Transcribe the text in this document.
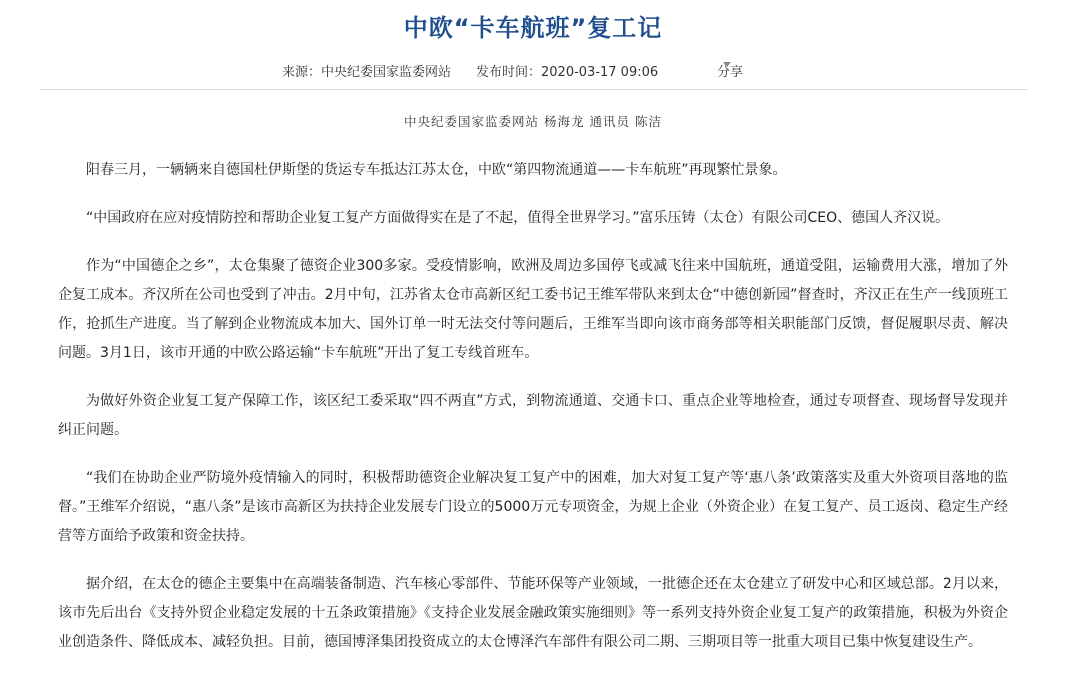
中欧“卡车航班”复工记
来源：中央纪委国家监委网站 发布时间：2020-03-17 09:06	分享
中央纪委国家监委网站 杨海龙 通讯员 陈洁

阳春三月，一辆辆来自德国杜伊斯堡的货运专车抵达江苏太仓，中欧“第四物流通道——卡车航班”再现繁忙景象。

“中国政府在应对疫情防控和帮助企业复工复产方面做得实在是了不起，值得全世界学习。”富乐压铸（太仓）有限公司CEO、德国人齐汉说。

作为“中国德企之乡”，太仓集聚了德资企业300多家。受疫情影响，欧洲及周边多国停飞或减飞往来中国航班，通道受阻，运输费用大涨，增加了外企复工成本。齐汉所在公司也受到了冲击。2月中旬，江苏省太仓市高新区纪工委书记王维军带队来到太仓“中德创新园”督查时，齐汉正在生产一线顶班工作，抢抓生产进度。当了解到企业物流成本加大、国外订单一时无法交付等问题后，王维军当即向该市商务部等相关职能部门反馈，督促履职尽责、解决问题。3月1日，该市开通的中欧公路运输“卡车航班”开出了复工专线首班车。

为做好外资企业复工复产保障工作，该区纪工委采取“四不两直”方式，到物流通道、交通卡口、重点企业等地检查，通过专项督查、现场督导发现并纠正问题。

“我们在协助企业严防境外疫情输入的同时，积极帮助德资企业解决复工复产中的困难，加大对复工复产等‘惠八条’政策落实及重大外资项目落地的监督。”王维军介绍说，“惠八条”是该市高新区为扶持企业发展专门设立的5000万元专项资金，为规上企业（外资企业）在复工复产、员工返岗、稳定生产经营等方面给予政策和资金扶持。

据介绍，在太仓的德企主要集中在高端装备制造、汽车核心零部件、节能环保等产业领域，一批德企还在太仓建立了研发中心和区域总部。2月以来，该市先后出台《支持外贸企业稳定发展的十五条政策措施》《支持企业发展金融政策实施细则》等一系列支持外资企业复工复产的政策措施，积极为外资企业创造条件、降低成本、减轻负担。目前，德国博泽集团投资成立的太仓博泽汽车部件有限公司二期、三期项目等一批重大项目已集中恢复建设生产。
